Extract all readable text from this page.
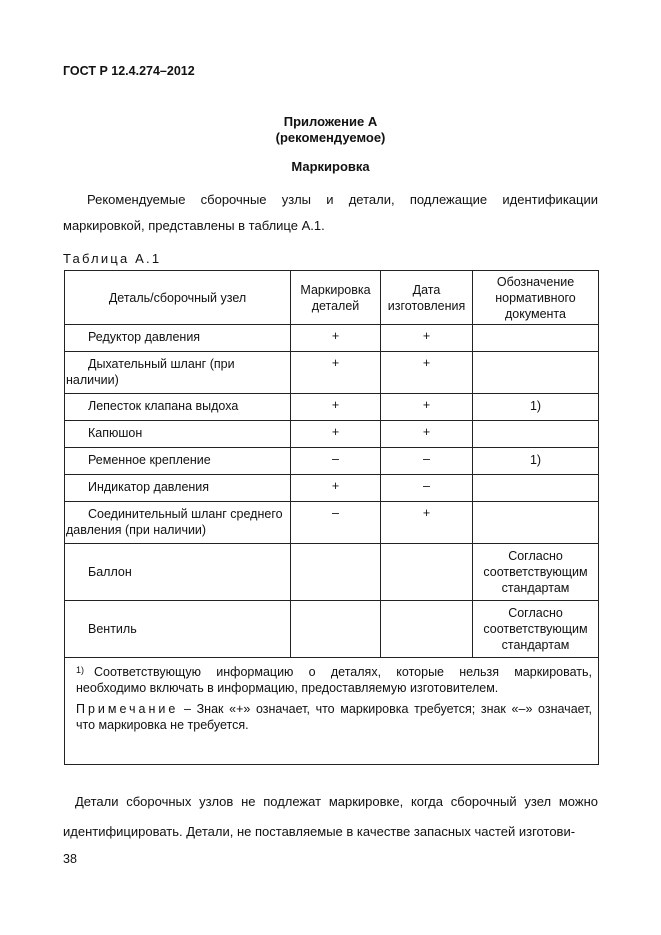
ГОСТ Р 12.4.274–2012
Приложение А
(рекомендуемое)
Маркировка
Рекомендуемые сборочные узлы и детали, подлежащие идентификации маркировкой, представлены в таблице А.1.
Таблица А.1
Деталь/сборочный узел	Маркировка деталей	Дата изготовления	Обозначение нормативного документа

Редуктор давления	+	+	

Дыхательный шланг (при наличии)	+	+	

Лепесток клапана выдоха	+	+	1)

Капюшон	+	+	

Ременное крепление	–	–	1)

Индикатор давления	+	–	

Соединительный шланг среднего давления (при наличии)	–	+	

Баллон			Согласно соответствующим стандартам

Вентиль			Согласно соответствующим стандартам

$^{1)}$ Соответствующую информацию о деталях, которые нельзя маркировать, необходимо включать в информацию, предоставляемую изготовителем.
Примечание – Знак «+» означает, что маркировка требуется; знак «–» означает, что маркировка не требуется.			
Детали сборочных узлов не подлежат маркировке, когда сборочный узел можно идентифицировать. Детали, не поставляемые в качестве запасных частей изготови-
38
